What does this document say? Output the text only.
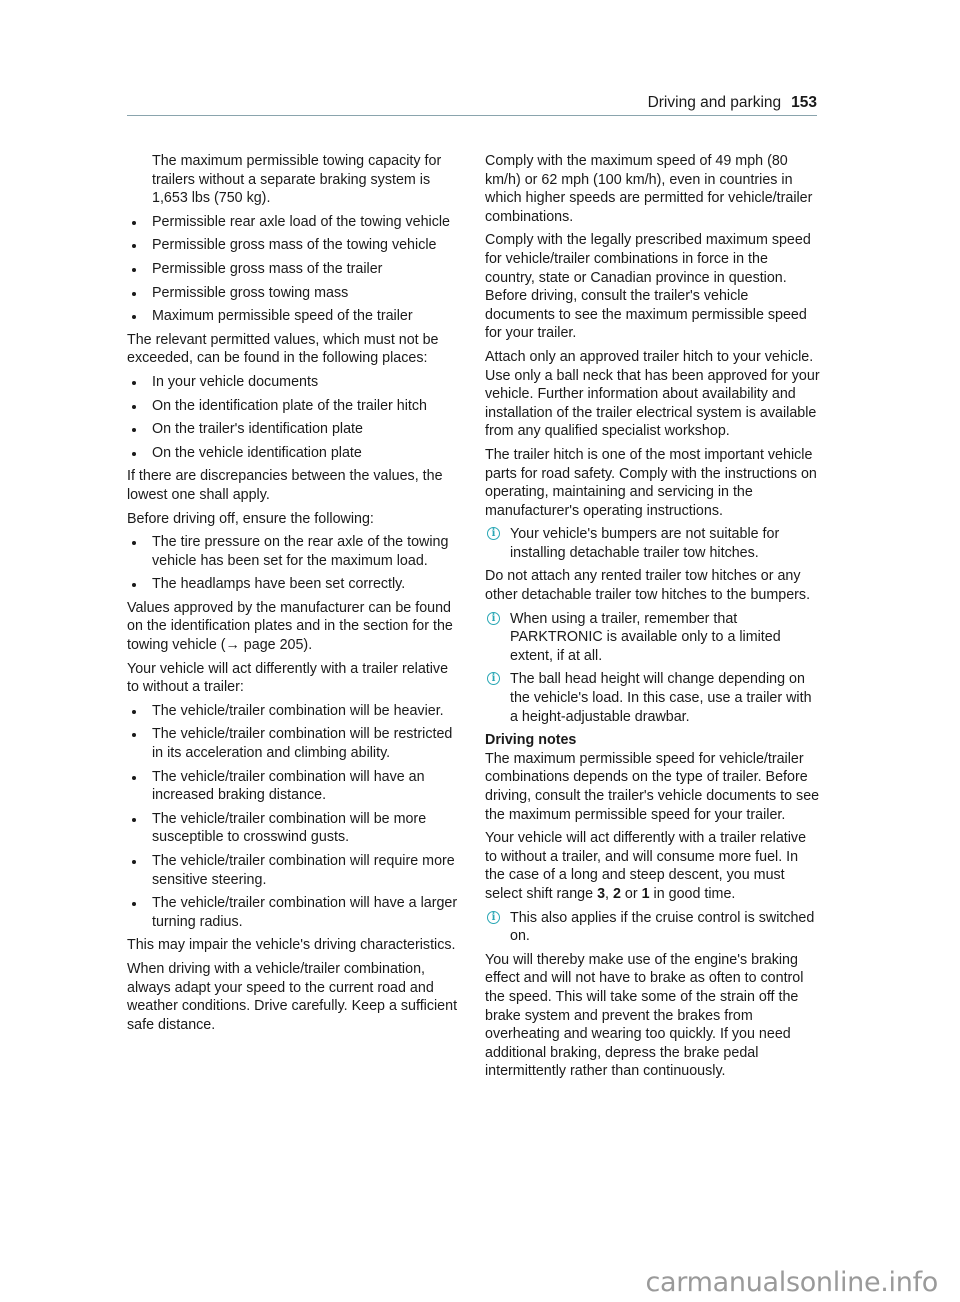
Driving and parking 153
The maximum permissible towing capacity for trailers without a separate braking system is 1,653 lbs (750 kg).
Permissible rear axle load of the towing vehicle
Permissible gross mass of the towing vehicle
Permissible gross mass of the trailer
Permissible gross towing mass
Maximum permissible speed of the trailer
The relevant permitted values, which must not be exceeded, can be found in the following places:
In your vehicle documents
On the identification plate of the trailer hitch
On the trailer's identification plate
On the vehicle identification plate
If there are discrepancies between the values, the lowest one shall apply.
Before driving off, ensure the following:
The tire pressure on the rear axle of the towing vehicle has been set for the maximum load.
The headlamps have been set correctly.
Values approved by the manufacturer can be found on the identification plates and in the section for the towing vehicle (→ page 205).
Your vehicle will act differently with a trailer relative to without a trailer:
The vehicle/trailer combination will be heavier.
The vehicle/trailer combination will be restricted in its acceleration and climbing ability.
The vehicle/trailer combination will have an increased braking distance.
The vehicle/trailer combination will be more susceptible to crosswind gusts.
The vehicle/trailer combination will require more sensitive steering.
The vehicle/trailer combination will have a larger turning radius.
This may impair the vehicle's driving characteristics.
When driving with a vehicle/trailer combination, always adapt your speed to the current road and weather conditions. Drive carefully. Keep a sufficient safe distance.
Comply with the maximum speed of 49 mph (80 km/h) or 62 mph (100 km/h), even in countries in which higher speeds are permitted for vehicle/trailer combinations.
Comply with the legally prescribed maximum speed for vehicle/trailer combinations in force in the country, state or Canadian province in question. Before driving, consult the trailer's vehicle documents to see the maximum permissible speed for your trailer.
Attach only an approved trailer hitch to your vehicle. Use only a ball neck that has been approved for your vehicle. Further information about availability and installation of the trailer electrical system is available from any qualified specialist workshop.
The trailer hitch is one of the most important vehicle parts for road safety. Comply with the instructions on operating, maintaining and servicing in the manufacturer's operating instructions.
i	Your vehicle's bumpers are not suitable for installing detachable trailer tow hitches.
Do not attach any rented trailer tow hitches or any other detachable trailer tow hitches to the bumpers.
i	When using a trailer, remember that PARKTRONIC is available only to a limited extent, if at all.
i	The ball head height will change depending on the vehicle's load. In this case, use a trailer with a height-adjustable drawbar.
Driving notes
The maximum permissible speed for vehicle/trailer combinations depends on the type of trailer. Before driving, consult the trailer's vehicle documents to see the maximum permissible speed for your trailer.
Your vehicle will act differently with a trailer relative to without a trailer, and will consume more fuel. In the case of a long and steep descent, you must select shift range 3, 2 or 1 in good time.
i	This also applies if the cruise control is switched on.
You will thereby make use of the engine's braking effect and will not have to brake as often to control the speed. This will take some of the strain off the brake system and prevent the brakes from overheating and wearing too quickly. If you need additional braking, depress the brake pedal intermittently rather than continuously.
carmanualsonline.info
